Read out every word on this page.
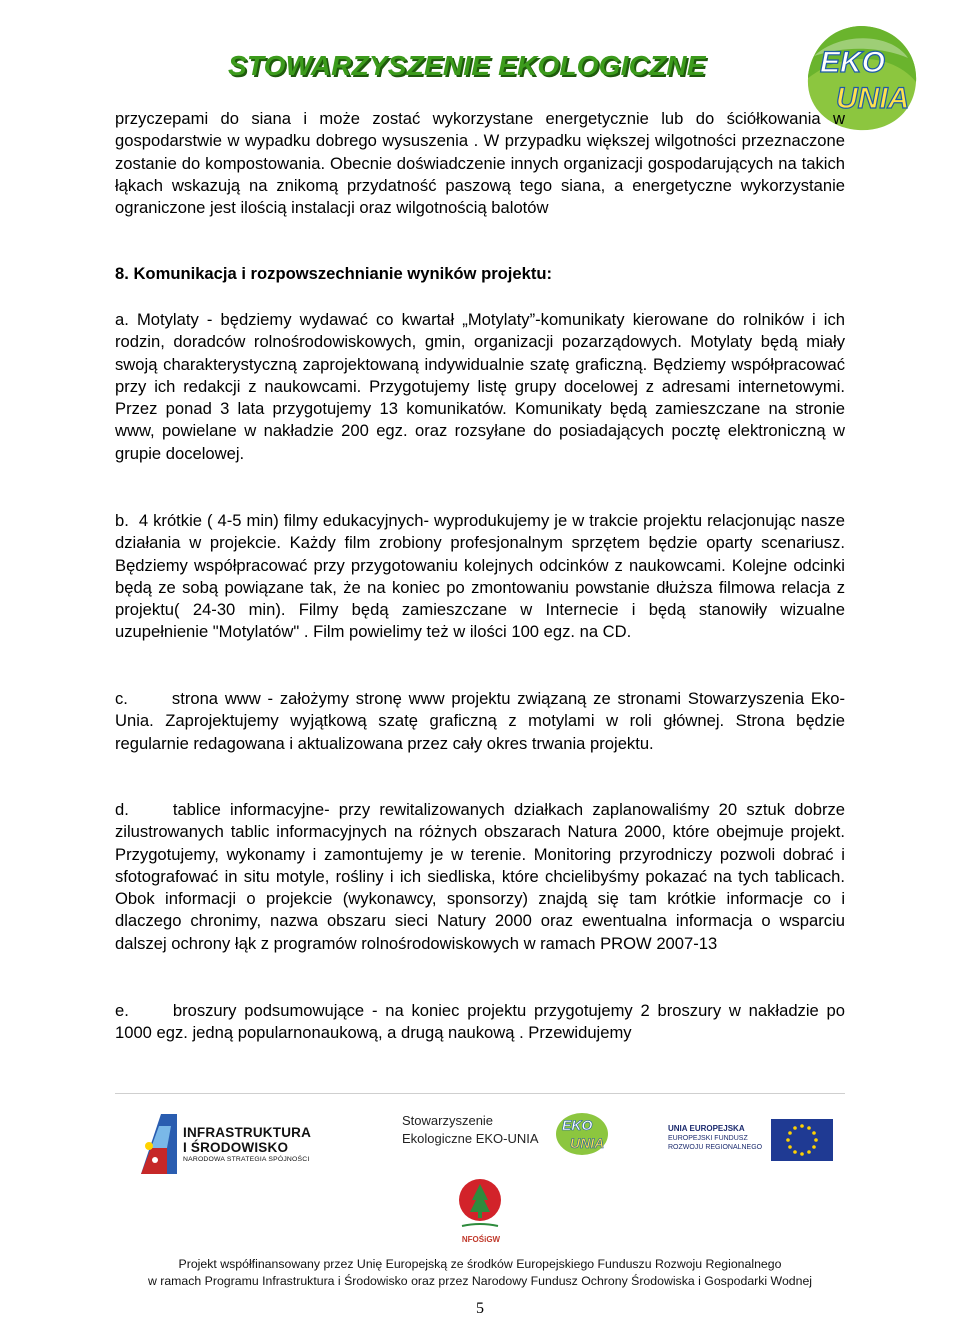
STOWARZYSZENIE EKOLOGICZNE	EKO
UNIA

przyczepami do siana i może zostać wykorzystane energetycznie lub do ściółkowania w gospodarstwie w wypadku dobrego wysuszenia . W przypadku większej wilgotności przeznaczone zostanie do kompostowania. Obecnie doświadczenie innych organizacji gospodarujących na takich łąkach wskazują na znikomą przydatność paszową tego siana, a energetyczne wykorzystanie ograniczone jest ilością instalacji oraz wilgotnością balotów

8. Komunikacja i rozpowszechnianie wyników projektu:

a. Motylaty - będziemy wydawać co kwartał „Motylaty”-komunikaty kierowane do rolników i ich rodzin, doradców rolnośrodowiskowych, gmin, organizacji pozarządowych. Motylaty będą miały swoją charakterystyczną zaprojektowaną indywidualnie szatę graficzną. Będziemy współpracować przy ich redakcji z naukowcami. Przygotujemy listę grupy docelowej z adresami internetowymi. Przez ponad 3 lata przygotujemy 13 komunikatów. Komunikaty będą zamieszczane na stronie www, powielane w nakładzie 200 egz. oraz rozsyłane do posiadających pocztę elektroniczną w grupie docelowej.

b. 4 krótkie ( 4-5 min) filmy edukacyjnych- wyprodukujemy je w trakcie projektu relacjonując nasze działania w projekcie. Każdy film zrobiony profesjonalnym sprzętem będzie oparty scenariusz. Będziemy współpracować przy przygotowaniu kolejnych odcinków z naukowcami. Kolejne odcinki będą ze sobą powiązane tak, że na koniec po zmontowaniu powstanie dłuższa filmowa relacja z projektu( 24-30 min). Filmy będą zamieszczane w Internecie i będą stanowiły wizualne uzupełnienie "Motylatów" . Film powielimy też w ilości 100 egz. na CD.

c.	strona www - założymy stronę www projektu związaną ze stronami Stowarzyszenia Eko-Unia. Zaprojektujemy wyjątkową szatę graficzną z motylami w roli głównej. Strona będzie regularnie redagowana i aktualizowana przez cały okres trwania projektu.

d.	tablice informacyjne- przy rewitalizowanych działkach zaplanowaliśmy 20 sztuk dobrze zilustrowanych tablic informacyjnych na różnych obszarach Natura 2000, które obejmuje projekt. Przygotujemy, wykonamy i zamontujemy je w terenie. Monitoring przyrodniczy pozwoli dobrać i sfotografować in situ motyle, rośliny i ich siedliska, które chcielibyśmy pokazać na tych tablicach. Obok informacji o projekcie (wykonawcy, sponsorzy) znajdą się tam krótkie informacje co i dlaczego chronimy, nazwa obszaru sieci Natury 2000 oraz ewentualna informacja o wsparciu dalszej ochrony łąk z programów rolnośrodowiskowych w ramach PROW 2007-13

e.	broszury podsumowujące - na koniec projektu przygotujemy 2 broszury w nakładzie po 1000 egz. jedną popularnonaukową, a drugą naukową . Przewidujemy

INFRASTRUKTURA
I ŚRODOWISKO
NARODOWA STRATEGIA SPÓJNOŚCI
Stowarzyszenie
Ekologiczne EKO-UNIA
EKO
UNIA
UNIA EUROPEJSKA
EUROPEJSKI FUNDUSZ
ROZWOJU REGIONALNEGO
NFOŚiGW
Projekt współfinansowany przez Unię Europejską ze środków Europejskiego Funduszu Rozwoju Regionalnego
w ramach Programu Infrastruktura i Środowisko oraz przez Narodowy Fundusz Ochrony Środowiska i Gospodarki Wodnej
5
